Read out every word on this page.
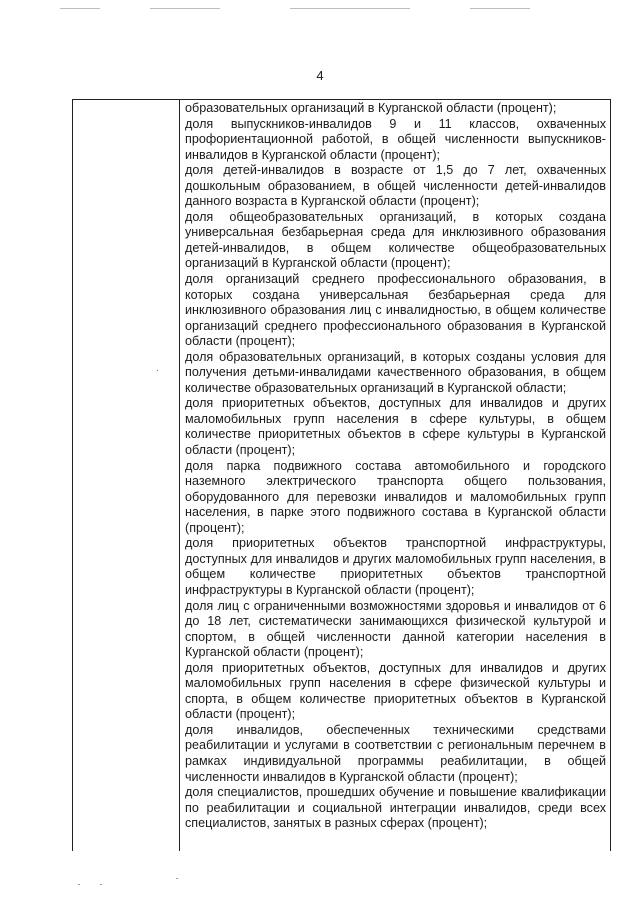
4

образовательных организаций в Курганской области (процент);

доля выпускников-инвалидов 9 и 11 классов, охваченных профориентационной работой, в общей численности выпускников-инвалидов в Курганской области (процент);

доля детей-инвалидов в возрасте от 1,5 до 7 лет, охваченных дошкольным образованием, в общей численности детей-инвалидов данного возраста в Курганской области (процент);

доля общеобразовательных организаций, в которых создана универсальная безбарьерная среда для инклюзивного образования детей-инвалидов, в общем количестве общеобразовательных организаций в Курганской области (процент);

доля организаций среднего профессионального образования, в которых создана универсальная безбарьерная среда для инклюзивного образования лиц с инвалидностью, в общем количестве организаций среднего профессионального образования в Курганской области (процент);

доля образовательных организаций, в которых созданы условия для получения детьми-инвалидами качественного образования, в общем количестве образовательных организаций в Курганской области;

доля приоритетных объектов, доступных для инвалидов и других маломобильных групп населения в сфере культуры, в общем количестве приоритетных объектов в сфере культуры в Курганской области (процент);

доля парка подвижного состава автомобильного и городского наземного электрического транспорта общего пользования, оборудованного для перевозки инвалидов и маломобильных групп населения, в парке этого подвижного состава в Курганской области (процент);

доля приоритетных объектов транспортной инфраструктуры, доступных для инвалидов и других маломобильных групп населения, в общем количестве приоритетных объектов транспортной инфраструктуры в Курганской области (процент);

доля лиц с ограниченными возможностями здоровья и инвалидов от 6 до 18 лет, систематически занимающихся физической культурой и спортом, в общей численности данной категории населения в Курганской области (процент);

доля приоритетных объектов, доступных для инвалидов и других маломобильных групп населения в сфере физической культуры и спорта, в общем количестве приоритетных объектов в Курганской области (процент);

доля инвалидов, обеспеченных техническими средствами реабилитации и услугами в соответствии с региональным перечнем в рамках индивидуальной программы реабилитации, в общей численности инвалидов в Курганской области (процент);

доля специалистов, прошедших обучение и повышение квалификации по реабилитации и социальной интеграции инвалидов, среди всех специалистов, занятых в разных сферах (процент);
